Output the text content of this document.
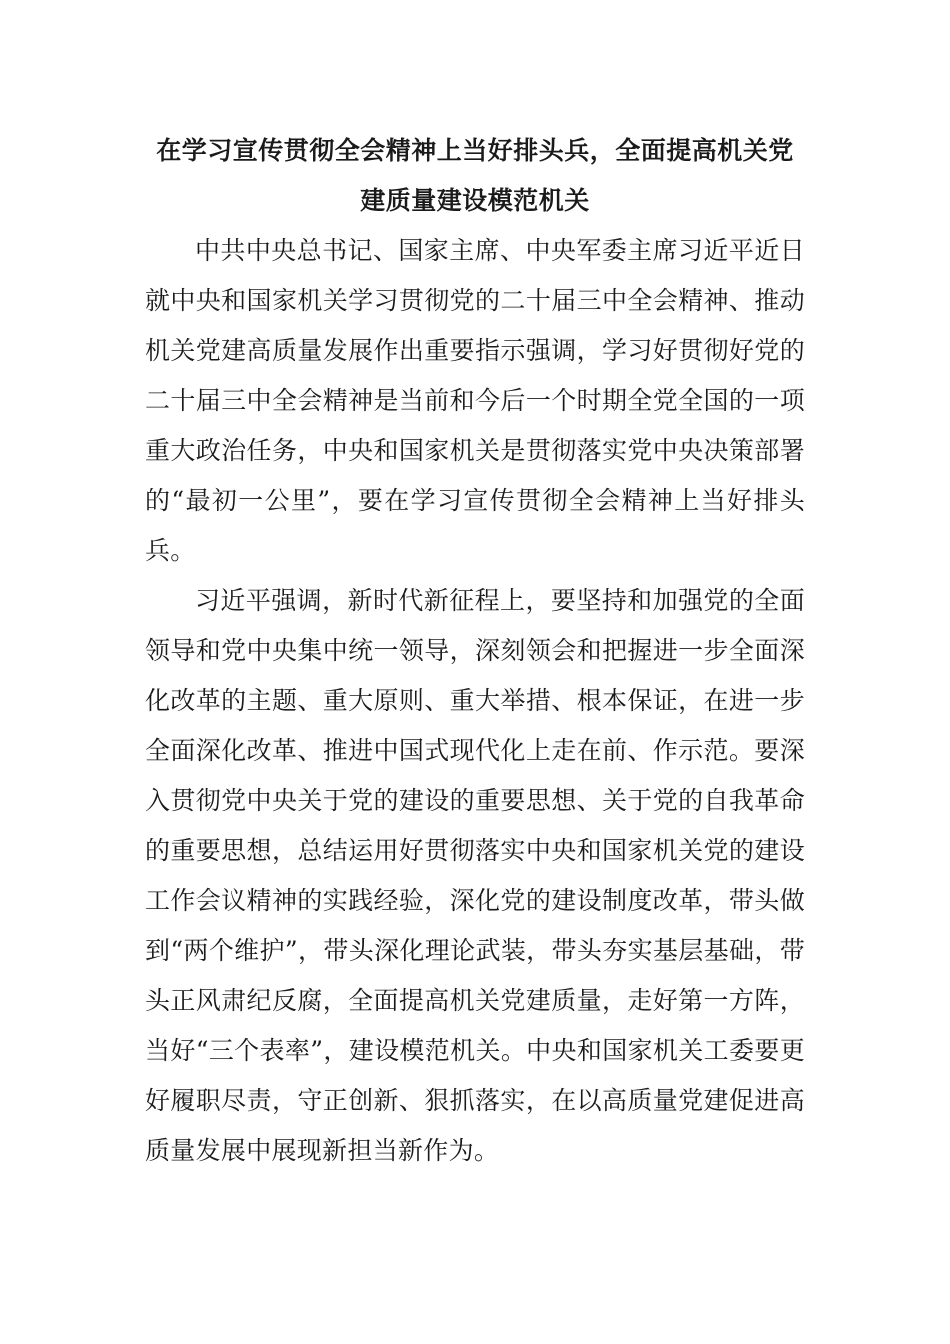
在学习宣传贯彻全会精神上当好排头兵，全面提高机关党
建质量建设模范机关

中共中央总书记、国家主席、中央军委主席习近平近日就中央和国家机关学习贯彻党的二十届三中全会精神、推动机关党建高质量发展作出重要指示强调，学习好贯彻好党的二十届三中全会精神是当前和今后一个时期全党全国的一项重大政治任务，中央和国家机关是贯彻落实党中央决策部署的“最初一公里”，要在学习宣传贯彻全会精神上当好排头兵。

习近平强调，新时代新征程上，要坚持和加强党的全面领导和党中央集中统一领导，深刻领会和把握进一步全面深化改革的主题、重大原则、重大举措、根本保证，在进一步全面深化改革、推进中国式现代化上走在前、作示范。要深入贯彻党中央关于党的建设的重要思想、关于党的自我革命的重要思想，总结运用好贯彻落实中央和国家机关党的建设工作会议精神的实践经验，深化党的建设制度改革，带头做到“两个维护”，带头深化理论武装，带头夯实基层基础，带头正风肃纪反腐，全面提高机关党建质量，走好第一方阵，当好“三个表率”，建设模范机关。中央和国家机关工委要更好履职尽责，守正创新、狠抓落实，在以高质量党建促进高质量发展中展现新担当新作为。
